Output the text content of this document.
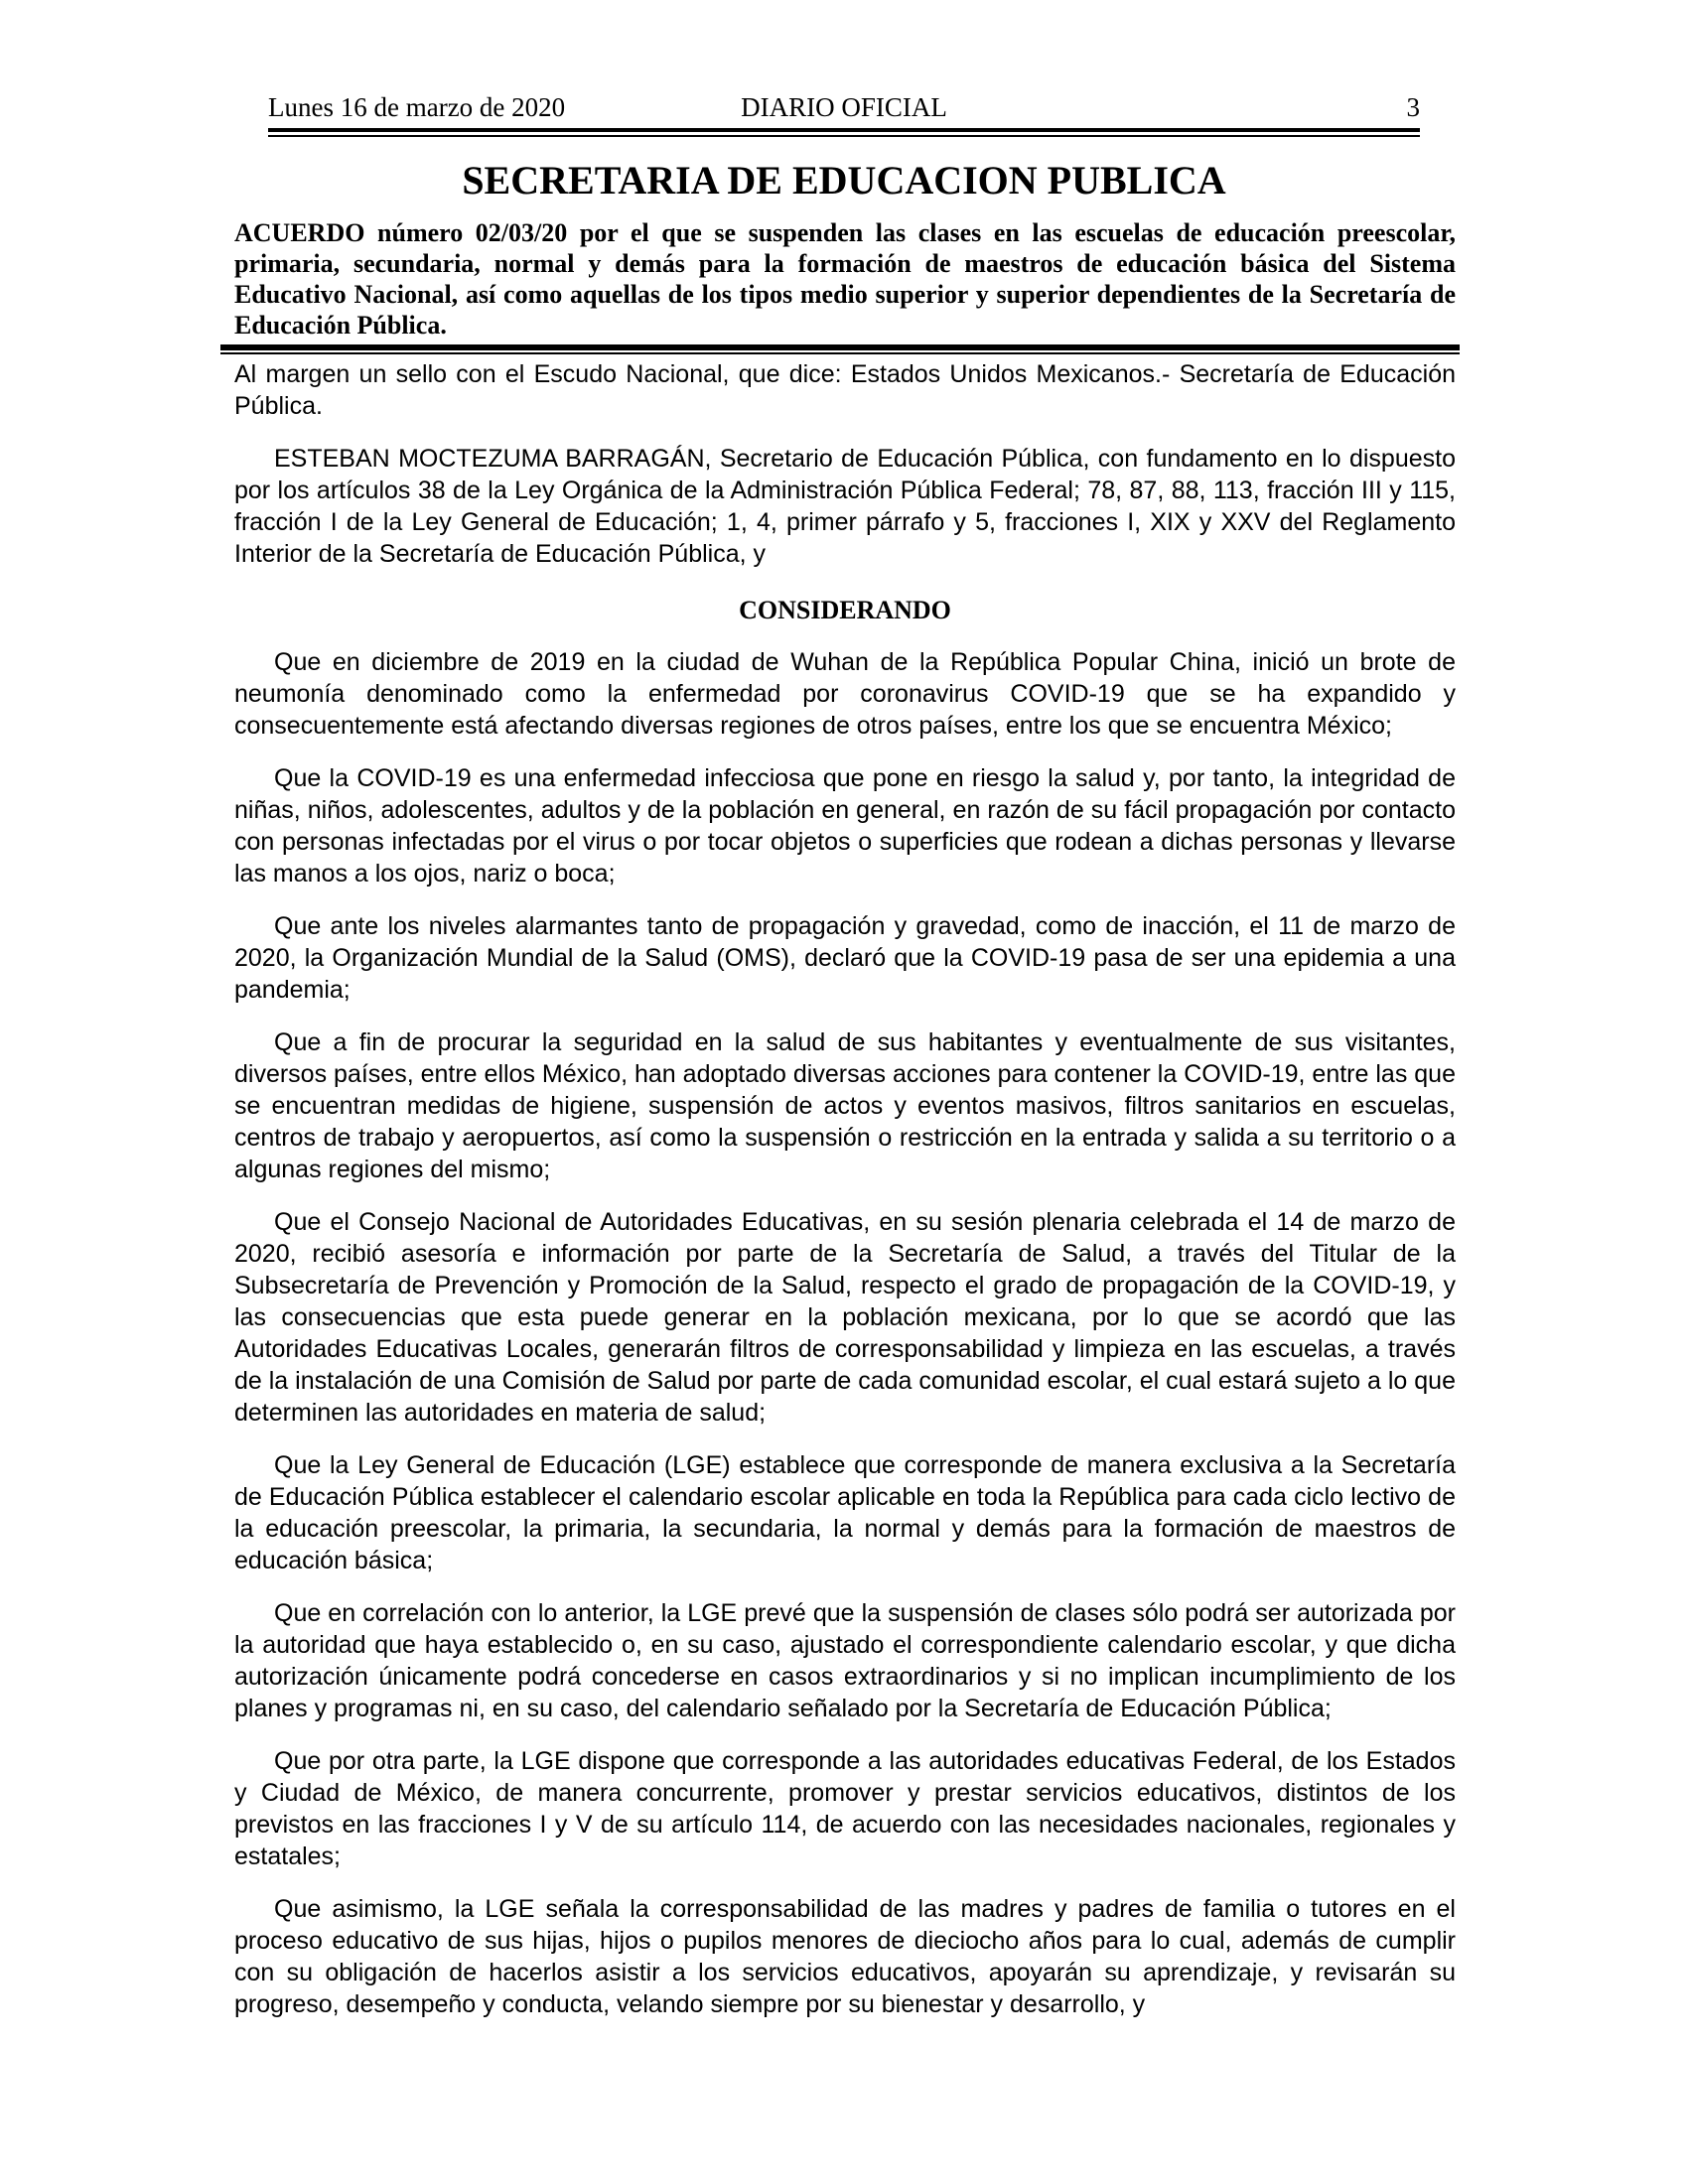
Lunes 16 de marzo de 2020	DIARIO OFICIAL	3
SECRETARIA DE EDUCACION PUBLICA

ACUERDO número 02/03/20 por el que se suspenden las clases en las escuelas de educación preescolar, primaria, secundaria, normal y demás para la formación de maestros de educación básica del Sistema Educativo Nacional, así como aquellas de los tipos medio superior y superior dependientes de la Secretaría de Educación Pública.

Al margen un sello con el Escudo Nacional, que dice: Estados Unidos Mexicanos.- Secretaría de Educación Pública.

ESTEBAN MOCTEZUMA BARRAGÁN, Secretario de Educación Pública, con fundamento en lo dispuesto por los artículos 38 de la Ley Orgánica de la Administración Pública Federal; 78, 87, 88, 113, fracción III y 115, fracción I de la Ley General de Educación; 1, 4, primer párrafo y 5, fracciones I, XIX y XXV del Reglamento Interior de la Secretaría de Educación Pública, y

CONSIDERANDO

Que en diciembre de 2019 en la ciudad de Wuhan de la República Popular China, inició un brote de neumonía denominado como la enfermedad por coronavirus COVID-19 que se ha expandido y consecuentemente está afectando diversas regiones de otros países, entre los que se encuentra México;

Que la COVID-19 es una enfermedad infecciosa que pone en riesgo la salud y, por tanto, la integridad de niñas, niños, adolescentes, adultos y de la población en general, en razón de su fácil propagación por contacto con personas infectadas por el virus o por tocar objetos o superficies que rodean a dichas personas y llevarse las manos a los ojos, nariz o boca;

Que ante los niveles alarmantes tanto de propagación y gravedad, como de inacción, el 11 de marzo de 2020, la Organización Mundial de la Salud (OMS), declaró que la COVID-19 pasa de ser una epidemia a una pandemia;

Que a fin de procurar la seguridad en la salud de sus habitantes y eventualmente de sus visitantes, diversos países, entre ellos México, han adoptado diversas acciones para contener la COVID-19, entre las que se encuentran medidas de higiene, suspensión de actos y eventos masivos, filtros sanitarios en escuelas, centros de trabajo y aeropuertos, así como la suspensión o restricción en la entrada y salida a su territorio o a algunas regiones del mismo;

Que el Consejo Nacional de Autoridades Educativas, en su sesión plenaria celebrada el 14 de marzo de 2020, recibió asesoría e información por parte de la Secretaría de Salud, a través del Titular de la Subsecretaría de Prevención y Promoción de la Salud, respecto el grado de propagación de la COVID-19, y las consecuencias que esta puede generar en la población mexicana, por lo que se acordó que las Autoridades Educativas Locales, generarán filtros de corresponsabilidad y limpieza en las escuelas, a través de la instalación de una Comisión de Salud por parte de cada comunidad escolar, el cual estará sujeto a lo que determinen las autoridades en materia de salud;

Que la Ley General de Educación (LGE) establece que corresponde de manera exclusiva a la Secretaría de Educación Pública establecer el calendario escolar aplicable en toda la República para cada ciclo lectivo de la educación preescolar, la primaria, la secundaria, la normal y demás para la formación de maestros de educación básica;

Que en correlación con lo anterior, la LGE prevé que la suspensión de clases sólo podrá ser autorizada por la autoridad que haya establecido o, en su caso, ajustado el correspondiente calendario escolar, y que dicha autorización únicamente podrá concederse en casos extraordinarios y si no implican incumplimiento de los planes y programas ni, en su caso, del calendario señalado por la Secretaría de Educación Pública;

Que por otra parte, la LGE dispone que corresponde a las autoridades educativas Federal, de los Estados y Ciudad de México, de manera concurrente, promover y prestar servicios educativos, distintos de los previstos en las fracciones I y V de su artículo 114, de acuerdo con las necesidades nacionales, regionales y estatales;

Que asimismo, la LGE señala la corresponsabilidad de las madres y padres de familia o tutores en el proceso educativo de sus hijas, hijos o pupilos menores de dieciocho años para lo cual, además de cumplir con su obligación de hacerlos asistir a los servicios educativos, apoyarán su aprendizaje, y revisarán su progreso, desempeño y conducta, velando siempre por su bienestar y desarrollo, y
